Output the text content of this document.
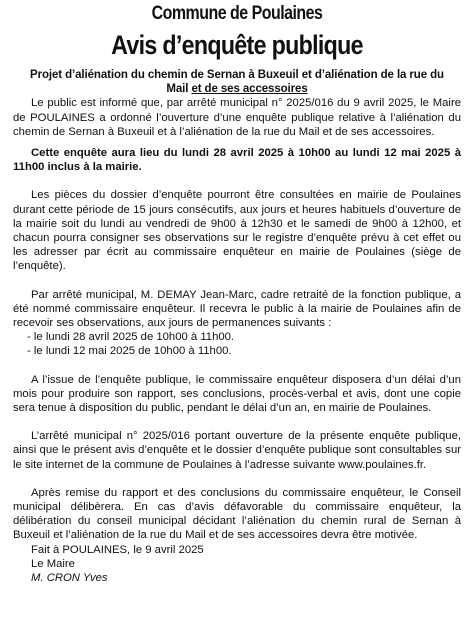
Commune de Poulaines
Avis d’enquête publique
Projet d’aliénation du chemin de Sernan à Buxeuil et d’aliénation de la rue du
Mail et de ses accessoires

Le public est informé que, par arrêté municipal n° 2025/016 du 9 avril 2025, le Maire de POULAINES a ordonné l’ouverture d’une enquête publique relative à l’aliénation du chemin de Sernan à Buxeuil et à l’aliénation de la rue du Mail et de ses accessoires.

Cette enquête aura lieu du lundi 28 avril 2025 à 10h00 au lundi 12 mai 2025 à 11h00 inclus à la mairie.

Les pièces du dossier d’enquête pourront être consultées en mairie de Poulaines durant cette période de 15 jours consécutifs, aux jours et heures habituels d’ouverture de la mairie soit du lundi au vendredi de 9h00 à 12h30 et le samedi de 9h00 à 12h00, et chacun pourra consigner ses observations sur le registre d’enquête prévu à cet effet ou les adresser par écrit au commissaire enquêteur en mairie de Poulaines (siège de l’enquête).

Par arrêté municipal, M. DEMAY Jean-Marc, cadre retraité de la fonction publique, a été nommé commissaire enquêteur. Il recevra le public à la mairie de Poulaines afin de recevoir ses observations, aux jours de permanences suivants :

- le lundi 28 avril 2025 de 10h00 à 11h00.
- le lundi 12 mai 2025 de 10h00 à 11h00.

A l’issue de l’enquête publique, le commissaire enquêteur disposera d’un délai d’un mois pour produire son rapport, ses conclusions, procès-verbal et avis, dont une copie sera tenue à disposition du public, pendant le délai d’un an, en mairie de Poulaines.

L’arrêté municipal n° 2025/016 portant ouverture de la présente enquête publique, ainsi que le présent avis d’enquête et le dossier d’enquête publique sont consultables sur le site internet de la commune de Poulaines à l’adresse suivante www.poulaines.fr.

Après remise du rapport et des conclusions du commissaire enquêteur, le Conseil municipal délibèrera. En cas d’avis défavorable du commissaire enquêteur, la délibération du conseil municipal décidant l’aliénation du chemin rural de Sernan à Buxeuil et l’aliénation de la rue du Mail et de ses accessoires devra être motivée.

Fait à POULAINES, le 9 avril 2025
Le Maire
M. CRON Yves
